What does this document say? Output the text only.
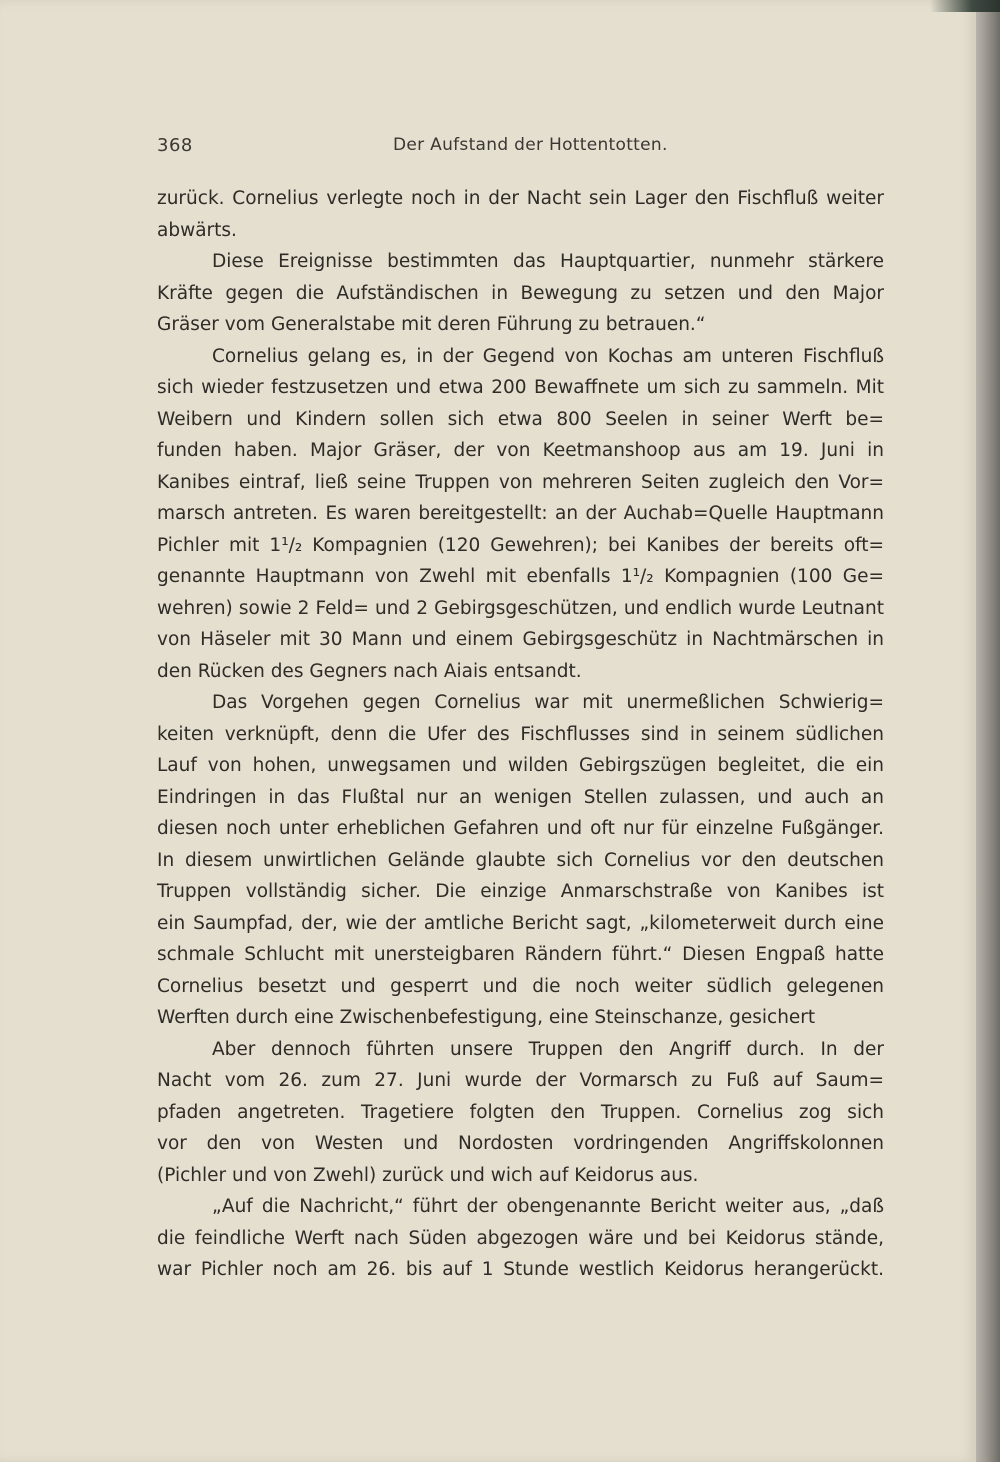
368	Der Aufstand der Hottentotten.
zurück. Cornelius verlegte noch in der Nacht sein Lager den Fischfluß weiter
abwärts.
Diese Ereignisse bestimmten das Hauptquartier, nunmehr stärkere
Kräfte gegen die Aufständischen in Bewegung zu setzen und den Major
Gräser vom Generalstabe mit deren Führung zu betrauen.“
Cornelius gelang es, in der Gegend von Kochas am unteren Fischfluß
sich wieder festzusetzen und etwa 200 Bewaffnete um sich zu sammeln. Mit
Weibern und Kindern sollen sich etwa 800 Seelen in seiner Werft be=
funden haben. Major Gräser, der von Keetmanshoop aus am 19. Juni in
Kanibes eintraf, ließ seine Truppen von mehreren Seiten zugleich den Vor=
marsch antreten. Es waren bereitgestellt: an der Auchab=Quelle Hauptmann
Pichler mit 1¹/₂ Kompagnien (120 Gewehren); bei Kanibes der bereits oft=
genannte Hauptmann von Zwehl mit ebenfalls 1¹/₂ Kompagnien (100 Ge=
wehren) sowie 2 Feld= und 2 Gebirgsgeschützen, und endlich wurde Leutnant
von Häseler mit 30 Mann und einem Gebirgsgeschütz in Nachtmärschen in
den Rücken des Gegners nach Aiais entsandt.
Das Vorgehen gegen Cornelius war mit unermeßlichen Schwierig=
keiten verknüpft, denn die Ufer des Fischflusses sind in seinem südlichen
Lauf von hohen, unwegsamen und wilden Gebirgszügen begleitet, die ein
Eindringen in das Flußtal nur an wenigen Stellen zulassen, und auch an
diesen noch unter erheblichen Gefahren und oft nur für einzelne Fußgänger.
In diesem unwirtlichen Gelände glaubte sich Cornelius vor den deutschen
Truppen vollständig sicher. Die einzige Anmarschstraße von Kanibes ist
ein Saumpfad, der, wie der amtliche Bericht sagt, „kilometerweit durch eine
schmale Schlucht mit unersteigbaren Rändern führt.“ Diesen Engpaß hatte
Cornelius besetzt und gesperrt und die noch weiter südlich gelegenen
Werften durch eine Zwischenbefestigung, eine Steinschanze, gesichert
Aber dennoch führten unsere Truppen den Angriff durch. In der
Nacht vom 26. zum 27. Juni wurde der Vormarsch zu Fuß auf Saum=
pfaden angetreten. Tragetiere folgten den Truppen. Cornelius zog sich
vor den von Westen und Nordosten vordringenden Angriffskolonnen
(Pichler und von Zwehl) zurück und wich auf Keidorus aus.
„Auf die Nachricht,“ führt der obengenannte Bericht weiter aus, „daß
die feindliche Werft nach Süden abgezogen wäre und bei Keidorus stände,
war Pichler noch am 26. bis auf 1 Stunde westlich Keidorus herangerückt.
